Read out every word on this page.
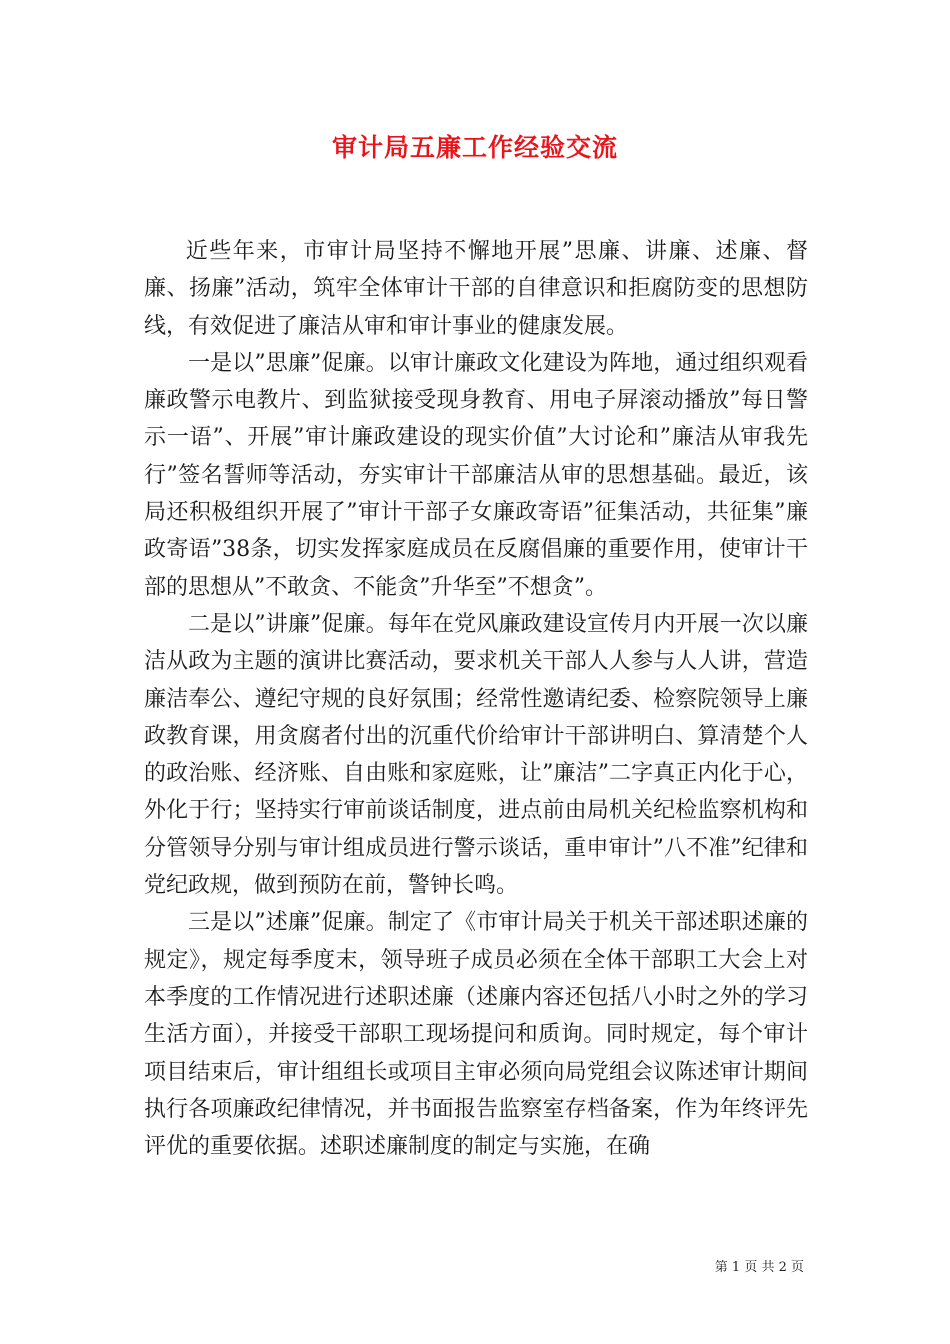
审计局五廉工作经验交流

近些年来，市审计局坚持不懈地开展”思廉、讲廉、述廉、督廉、扬廉”活动，筑牢全体审计干部的自律意识和拒腐防变的思想防线，有效促进了廉洁从审和审计事业的健康发展。

一是以”思廉”促廉。以审计廉政文化建设为阵地，通过组织观看廉政警示电教片、到监狱接受现身教育、用电子屏滚动播放”每日警示一语”、开展”审计廉政建设的现实价值”大讨论和”廉洁从审我先行”签名誓师等活动，夯实审计干部廉洁从审的思想基础。最近，该局还积极组织开展了”审计干部子女廉政寄语”征集活动，共征集”廉政寄语”38条，切实发挥家庭成员在反腐倡廉的重要作用，使审计干部的思想从”不敢贪、不能贪”升华至”不想贪”。

二是以”讲廉”促廉。每年在党风廉政建设宣传月内开展一次以廉洁从政为主题的演讲比赛活动，要求机关干部人人参与人人讲，营造廉洁奉公、遵纪守规的良好氛围；经常性邀请纪委、检察院领导上廉政教育课，用贪腐者付出的沉重代价给审计干部讲明白、算清楚个人的政治账、经济账、自由账和家庭账，让”廉洁”二字真正内化于心，外化于行；坚持实行审前谈话制度，进点前由局机关纪检监察机构和分管领导分别与审计组成员进行警示谈话，重申审计”八不准”纪律和党纪政规，做到预防在前，警钟长鸣。

三是以”述廉”促廉。制定了《市审计局关于机关干部述职述廉的规定》，规定每季度末，领导班子成员必须在全体干部职工大会上对本季度的工作情况进行述职述廉（述廉内容还包括八小时之外的学习生活方面），并接受干部职工现场提问和质询。同时规定，每个审计项目结束后，审计组组长或项目主审必须向局党组会议陈述审计期间执行各项廉政纪律情况，并书面报告监察室存档备案，作为年终评先评优的重要依据。述职述廉制度的制定与实施，在确

第 1 页 共 2 页
